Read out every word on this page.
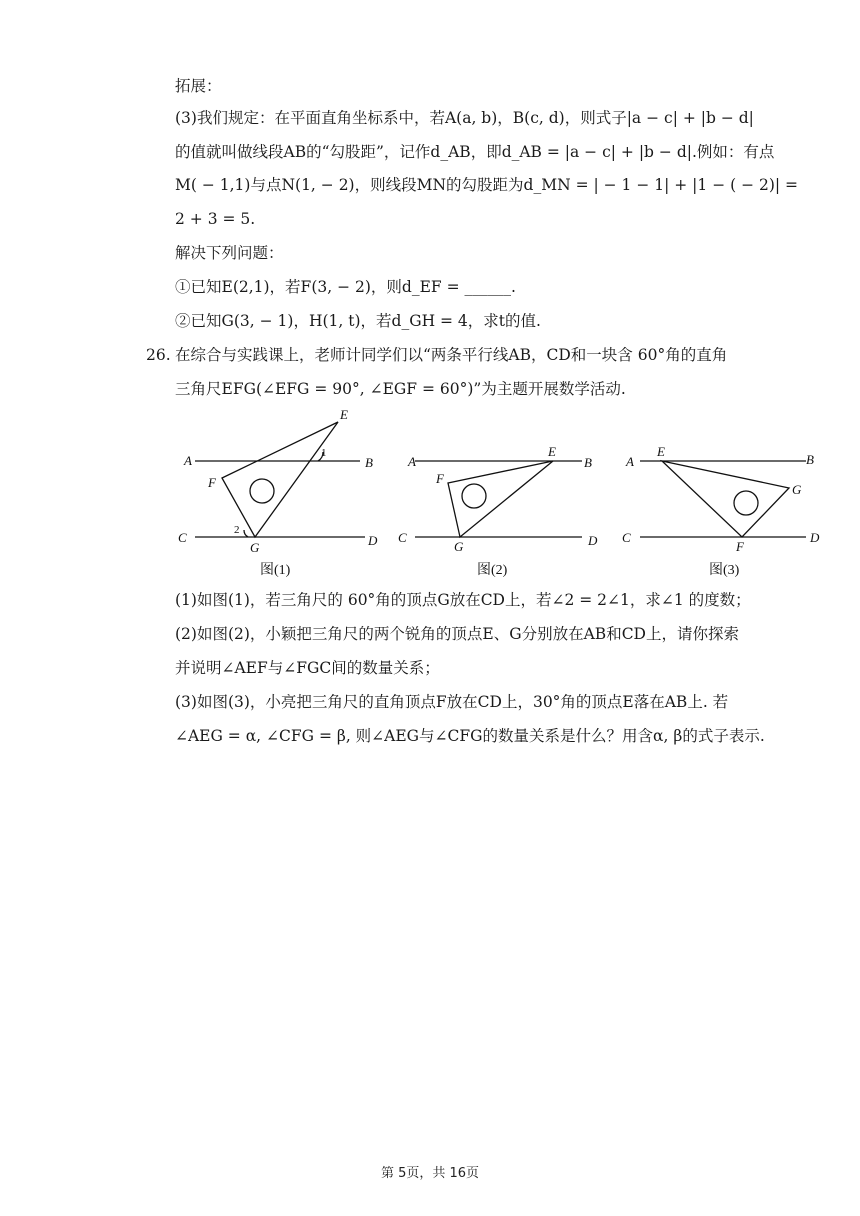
拓展：
(3)我们规定：在平面直角坐标系中，若A(a, b)，B(c, d)，则式子|a − c| + |b − d|
的值就叫做线段AB的“勾股距”，记作d_AB，即d_AB = |a − c| + |b − d|.例如：有点
M( − 1,1)与点N(1, − 2)，则线段MN的勾股距为d_MN = | − 1 − 1| + |1 − ( − 2)| =
2 + 3 = 5.
解决下列问题：
①已知E(2,1)，若F(3, − 2)，则d_EF = ______.
②已知G(3, − 1)，H(1, t)，若d_GH = 4，求t的值.
26. 在综合与实践课上，老师计同学们以“两条平行线AB，CD和一块含 60°角的直角
三角尺EFG(∠EFG = 90°, ∠EGF = 60°)”为主题开展数学活动.
A	B
C	D
E
F
G
1
2
图(1)
A	B
C	D
E
F
G
图(2)
A	B
C	D
E
F
G
图(3)
(1)如图(1)，若三角尺的 60°角的顶点G放在CD上，若∠2 = 2∠1，求∠1 的度数；
(2)如图(2)，小颖把三角尺的两个锐角的顶点E、G分别放在AB和CD上，请你探索
并说明∠AEF与∠FGC间的数量关系；
(3)如图(3)，小亮把三角尺的直角顶点F放在CD上，30°角的顶点E落在AB上. 若
∠AEG = α, ∠CFG = β, 则∠AEG与∠CFG的数量关系是什么？用含α, β的式子表示.
第 5页，共 16页
